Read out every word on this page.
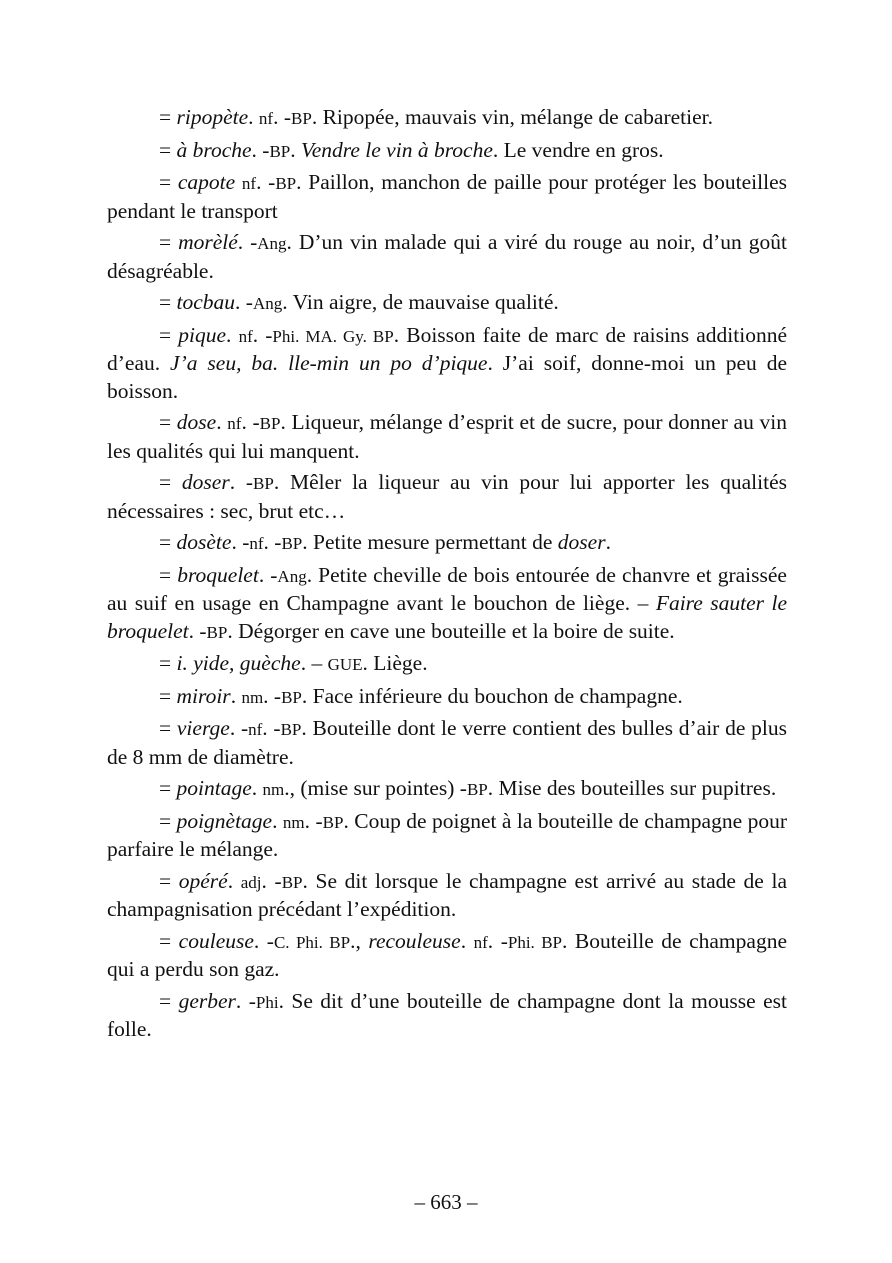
= ripopète. nf. -BP. Ripopée, mauvais vin, mélange de cabaretier.

= à broche. -BP. Vendre le vin à broche. Le vendre en gros.

= capote nf. -BP. Paillon, manchon de paille pour protéger les bouteilles pendant le transport

= morèlé. -Ang. D’un vin malade qui a viré du rouge au noir, d’un goût désagréable.

= tocbau. -Ang. Vin aigre, de mauvaise qualité.

= pique. nf. -Phi. MA. Gy. BP. Boisson faite de marc de raisins additionné d’eau. J’a seu, ba. lle-min un po d’pique. J’ai soif, donne-moi un peu de boisson.

= dose. nf. -BP. Liqueur, mélange d’esprit et de sucre, pour donner au vin les qualités qui lui manquent.

= doser. -BP. Mêler la liqueur au vin pour lui apporter les qualités nécessaires : sec, brut etc…

= dosète. -nf. -BP. Petite mesure permettant de doser.

= broquelet. -Ang. Petite cheville de bois entourée de chanvre et graissée au suif en usage en Champagne avant le bouchon de liège. – Faire sauter le broquelet. -BP. Dégorger en cave une bouteille et la boire de suite.

= i. yide, guèche. – GUE. Liège.

= miroir. nm. -BP. Face inférieure du bouchon de champagne.

= vierge. -nf. -BP. Bouteille dont le verre contient des bulles d’air de plus de 8 mm de diamètre.

= pointage. nm., (mise sur pointes) -BP. Mise des bouteilles sur pupitres.

= poignètage. nm. -BP. Coup de poignet à la bouteille de champagne pour parfaire le mélange.

= opéré. adj. -BP. Se dit lorsque le champagne est arrivé au stade de la champagnisation précédant l’expédition.

= couleuse. -C. Phi. BP., recouleuse. nf. -Phi. BP. Bouteille de champagne qui a perdu son gaz.

= gerber. -Phi. Se dit d’une bouteille de champagne dont la mousse est folle.

– 663 –
